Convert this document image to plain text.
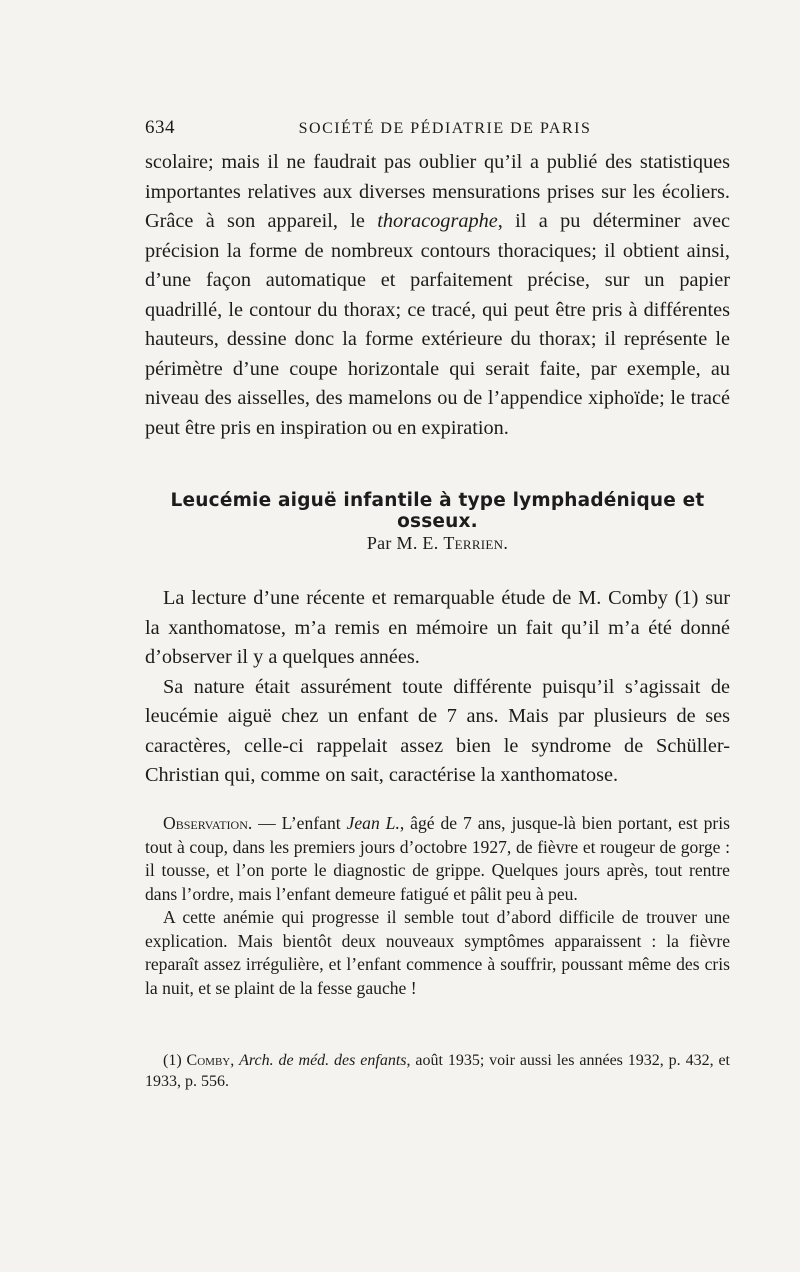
634	SOCIÉTÉ DE PÉDIATRIE DE PARIS

scolaire; mais il ne faudrait pas oublier qu’il a publié des statistiques importantes relatives aux diverses mensurations prises sur les écoliers. Grâce à son appareil, le thoracographe, il a pu déterminer avec précision la forme de nombreux contours thoraciques; il obtient ainsi, d’une façon automatique et parfaitement précise, sur un papier quadrillé, le contour du thorax; ce tracé, qui peut être pris à différentes hauteurs, dessine donc la forme extérieure du thorax; il représente le périmètre d’une coupe horizontale qui serait faite, par exemple, au niveau des aisselles, des mamelons ou de l’appendice xiphoïde; le tracé peut être pris en inspiration ou en expiration.

Leucémie aiguë infantile à type lymphadénique et osseux.
Par M. E. Terrien.

La lecture d’une récente et remarquable étude de M. Comby (1) sur la xanthomatose, m’a remis en mémoire un fait qu’il m’a été donné d’observer il y a quelques années.

Sa nature était assurément toute différente puisqu’il s’agissait de leucémie aiguë chez un enfant de 7 ans. Mais par plusieurs de ses caractères, celle-ci rappelait assez bien le syndrome de Schüller-Christian qui, comme on sait, caractérise la xanthomatose.

Observation. — L’enfant Jean L., âgé de 7 ans, jusque-là bien portant, est pris tout à coup, dans les premiers jours d’octobre 1927, de fièvre et rougeur de gorge : il tousse, et l’on porte le diagnostic de grippe. Quelques jours après, tout rentre dans l’ordre, mais l’enfant demeure fatigué et pâlit peu à peu.

A cette anémie qui progresse il semble tout d’abord difficile de trouver une explication. Mais bientôt deux nouveaux symptômes apparaissent : la fièvre reparaît assez irrégulière, et l’enfant commence à souffrir, poussant même des cris la nuit, et se plaint de la fesse gauche !

(1) Comby, Arch. de méd. des enfants, août 1935; voir aussi les années 1932, p. 432, et 1933, p. 556.
